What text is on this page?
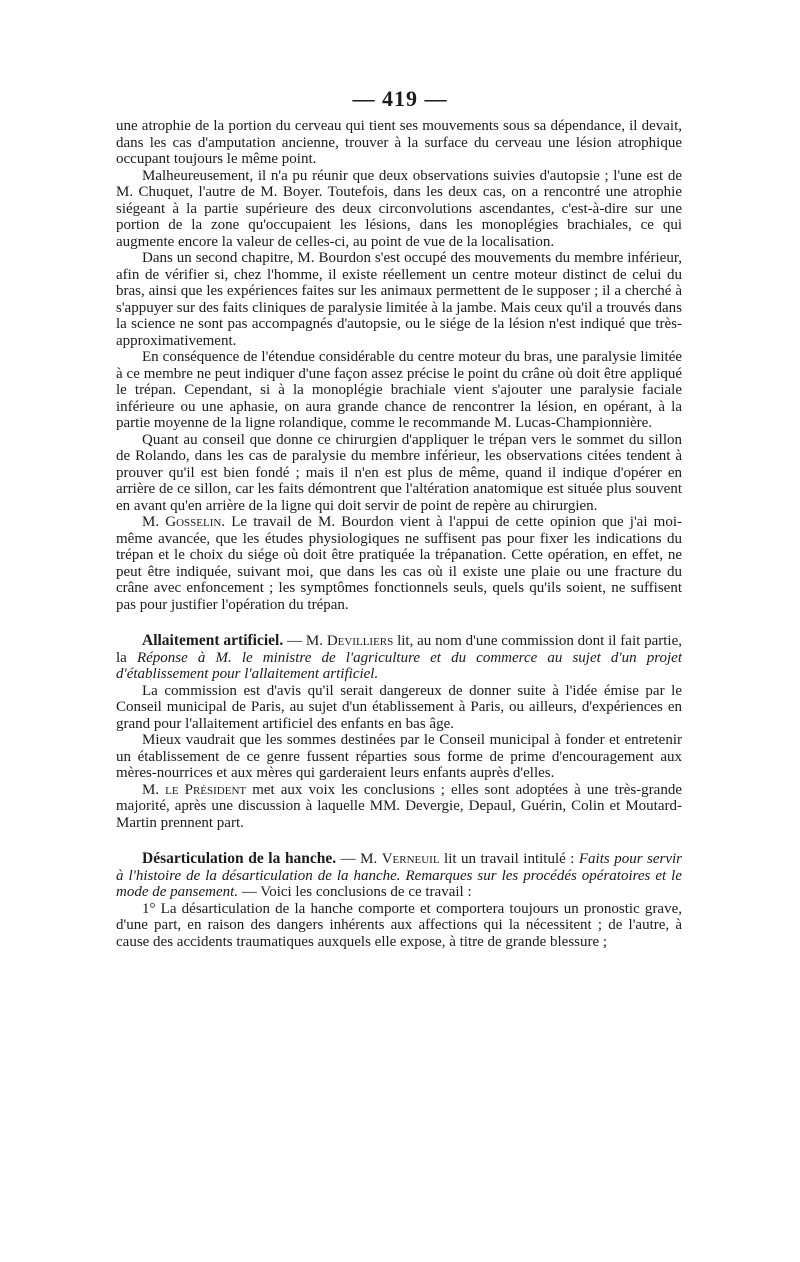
— 419 —

une atrophie de la portion du cerveau qui tient ses mouvements sous sa dépendance, il devait, dans les cas d'amputation ancienne, trouver à la surface du cerveau une lésion atrophique occupant toujours le même point.

Malheureusement, il n'a pu réunir que deux observations suivies d'autopsie ; l'une est de M. Chuquet, l'autre de M. Boyer. Toutefois, dans les deux cas, on a rencontré une atrophie siégeant à la partie supérieure des deux circonvolutions ascendantes, c'est-à-dire sur une portion de la zone qu'occupaient les lésions, dans les monoplégies brachiales, ce qui augmente encore la valeur de celles-ci, au point de vue de la localisation.

Dans un second chapitre, M. Bourdon s'est occupé des mouvements du membre inférieur, afin de vérifier si, chez l'homme, il existe réellement un centre moteur distinct de celui du bras, ainsi que les expériences faites sur les animaux permettent de le supposer ; il a cherché à s'appuyer sur des faits cliniques de paralysie limitée à la jambe. Mais ceux qu'il a trouvés dans la science ne sont pas accompagnés d'autopsie, ou le siége de la lésion n'est indiqué que très-approximativement.

En conséquence de l'étendue considérable du centre moteur du bras, une paralysie limitée à ce membre ne peut indiquer d'une façon assez précise le point du crâne où doit être appliqué le trépan. Cependant, si à la monoplégie brachiale vient s'ajouter une paralysie faciale inférieure ou une aphasie, on aura grande chance de rencontrer la lésion, en opérant, à la partie moyenne de la ligne rolandique, comme le recommande M. Lucas-Championnière.

Quant au conseil que donne ce chirurgien d'appliquer le trépan vers le sommet du sillon de Rolando, dans les cas de paralysie du membre inférieur, les observations citées tendent à prouver qu'il est bien fondé ; mais il n'en est plus de même, quand il indique d'opérer en arrière de ce sillon, car les faits démontrent que l'altération anatomique est située plus souvent en avant qu'en arrière de la ligne qui doit servir de point de repère au chirurgien.

M. Gosselin. Le travail de M. Bourdon vient à l'appui de cette opinion que j'ai moi-même avancée, que les études physiologiques ne suffisent pas pour fixer les indications du trépan et le choix du siége où doit être pratiquée la trépanation. Cette opération, en effet, ne peut être indiquée, suivant moi, que dans les cas où il existe une plaie ou une fracture du crâne avec enfoncement ; les symptômes fonctionnels seuls, quels qu'ils soient, ne suffisent pas pour justifier l'opération du trépan.

Allaitement artificiel. — M. Devilliers lit, au nom d'une commission dont il fait partie, la Réponse à M. le ministre de l'agriculture et du commerce au sujet d'un projet d'établissement pour l'allaitement artificiel.

La commission est d'avis qu'il serait dangereux de donner suite à l'idée émise par le Conseil municipal de Paris, au sujet d'un établissement à Paris, ou ailleurs, d'expériences en grand pour l'allaitement artificiel des enfants en bas âge.

Mieux vaudrait que les sommes destinées par le Conseil municipal à fonder et entretenir un établissement de ce genre fussent réparties sous forme de prime d'encouragement aux mères-nourrices et aux mères qui garderaient leurs enfants auprès d'elles.

M. le Président met aux voix les conclusions ; elles sont adoptées à une très-grande majorité, après une discussion à laquelle MM. Devergie, Depaul, Guérin, Colin et Moutard-Martin prennent part.

Désarticulation de la hanche. — M. Verneuil lit un travail intitulé : Faits pour servir à l'histoire de la désarticulation de la hanche. Remarques sur les procédés opératoires et le mode de pansement. — Voici les conclusions de ce travail :

1° La désarticulation de la hanche comporte et comportera toujours un pronostic grave, d'une part, en raison des dangers inhérents aux affections qui la nécessitent ; de l'autre, à cause des accidents traumatiques auxquels elle expose, à titre de grande blessure ;
